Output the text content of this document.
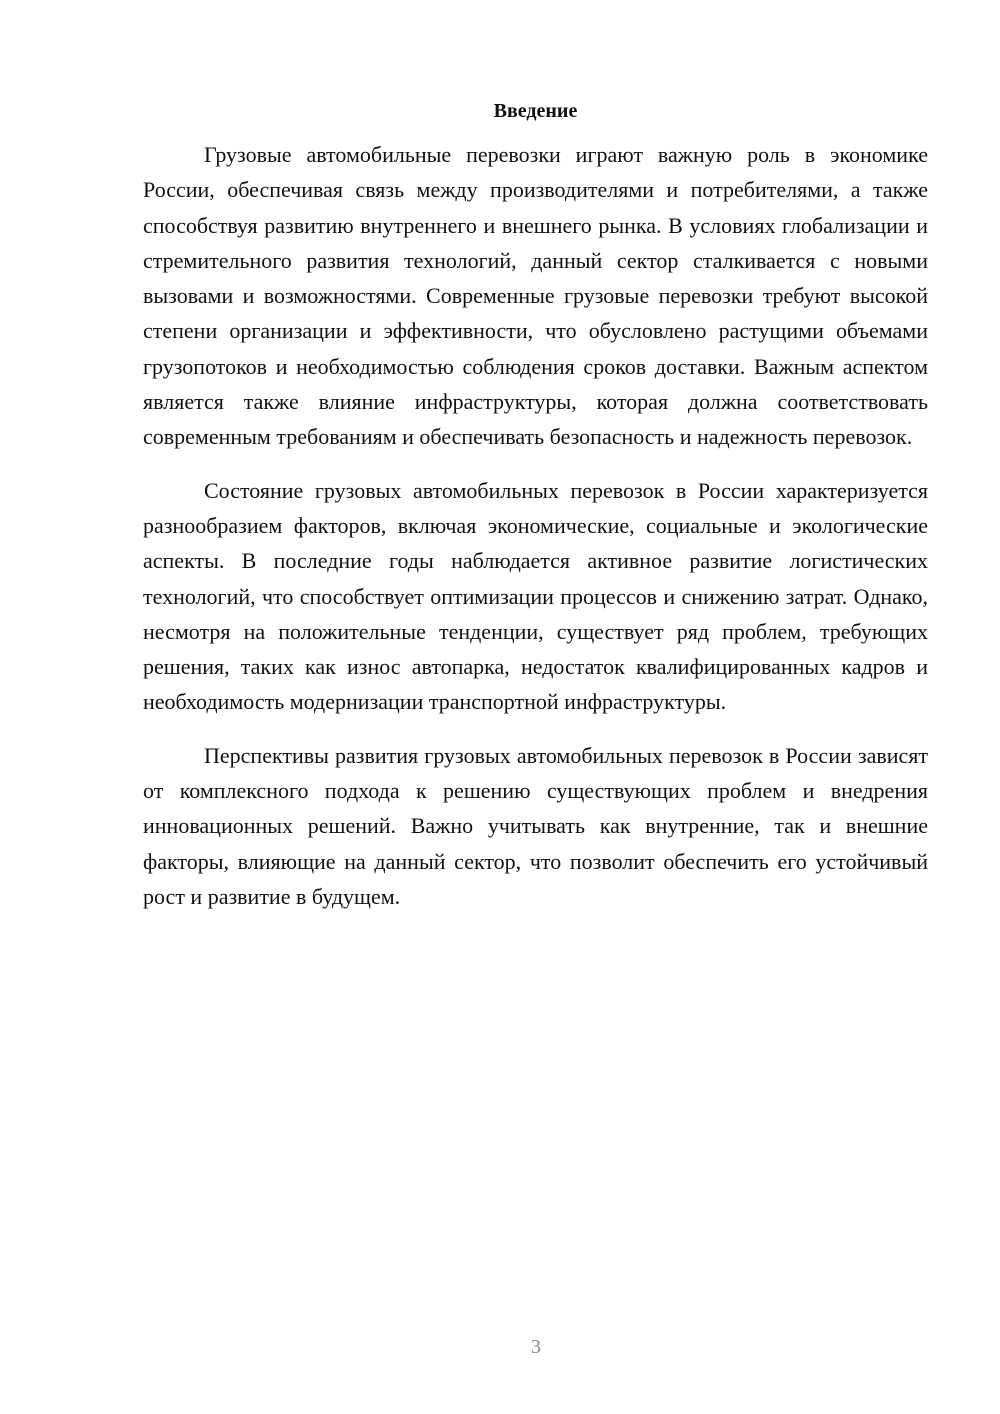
Введение

Грузовые автомобильные перевозки играют важную роль в экономике России, обеспечивая связь между производителями и потребителями, а также способствуя развитию внутреннего и внешнего рынка. В условиях глобализации и стремительного развития технологий, данный сектор сталкивается с новыми вызовами и возможностями. Современные грузовые перевозки требуют высокой степени организации и эффективности, что обусловлено растущими объемами грузопотоков и необходимостью соблюдения сроков доставки. Важным аспектом является также влияние инфраструктуры, которая должна соответствовать современным требованиям и обеспечивать безопасность и надежность перевозок.

Состояние грузовых автомобильных перевозок в России характеризуется разнообразием факторов, включая экономические, социальные и экологические аспекты. В последние годы наблюдается активное развитие логистических технологий, что способствует оптимизации процессов и снижению затрат. Однако, несмотря на положительные тенденции, существует ряд проблем, требующих решения, таких как износ автопарка, недостаток квалифицированных кадров и необходимость модернизации транспортной инфраструктуры.

Перспективы развития грузовых автомобильных перевозок в России зависят от комплексного подхода к решению существующих проблем и внедрения инновационных решений. Важно учитывать как внутренние, так и внешние факторы, влияющие на данный сектор, что позволит обеспечить его устойчивый рост и развитие в будущем.

3
